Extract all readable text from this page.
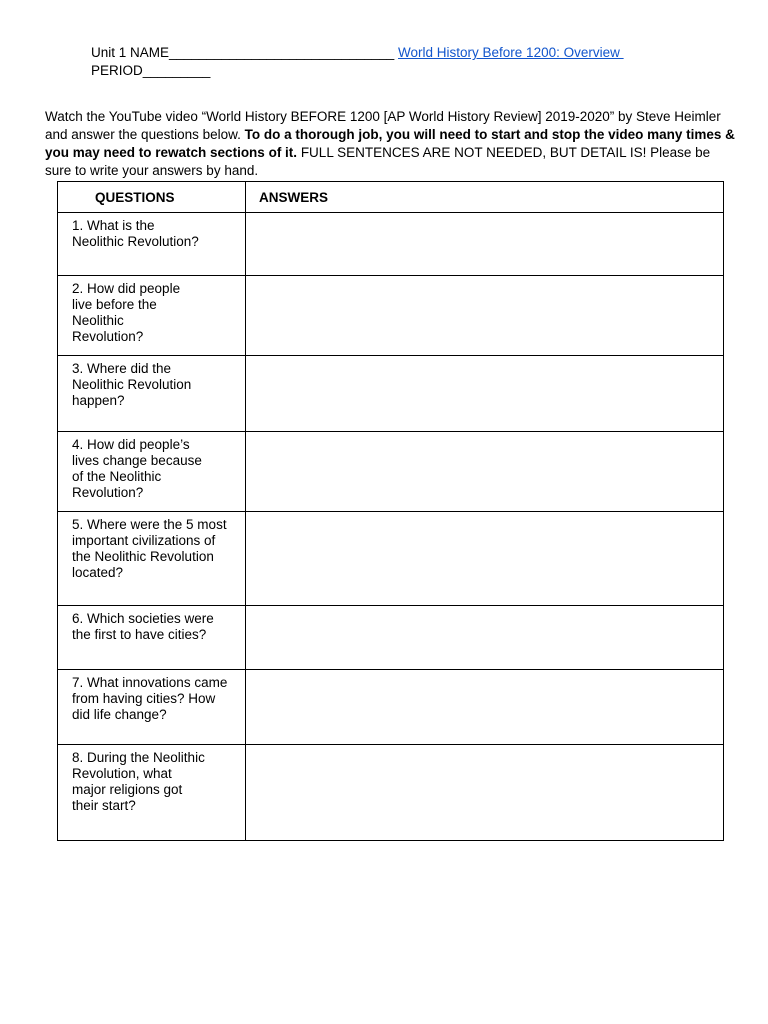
Unit 1 NAME______________________________ World History Before 1200: Overview
PERIOD_________
Watch the YouTube video “World History BEFORE 1200 [AP World History Review] 2019-2020” by Steve Heimler and answer the questions below. To do a thorough job, you will need to start and stop the video many times & you may need to rewatch sections of it. FULL SENTENCES ARE NOT NEEDED, BUT DETAIL IS! Please be sure to write your answers by hand.
QUESTIONS	ANSWERS

1. What is the
Neolithic Revolution?	

2. How did people
live before the
Neolithic
Revolution?	

3. Where did the
Neolithic Revolution
happen?	

4. How did people’s
lives change because
of the Neolithic
Revolution?	

5. Where were the 5 most
important civilizations of
the Neolithic Revolution
located?	

6. Which societies were
the first to have cities?	

7. What innovations came
from having cities? How
did life change?	

8. During the Neolithic
Revolution, what
major religions got
their start?	
